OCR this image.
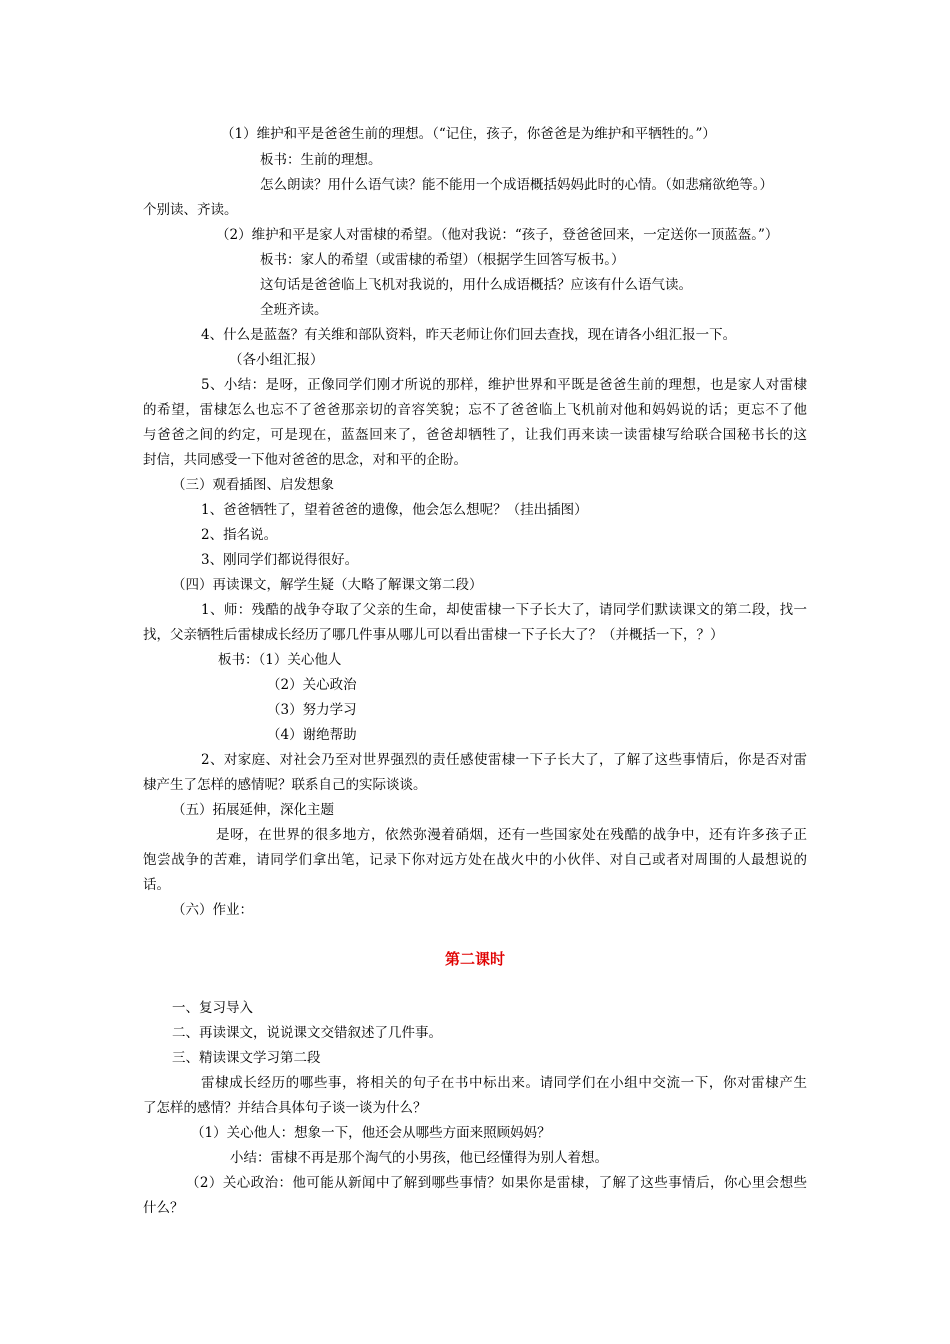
（1）维护和平是爸爸生前的理想。（“记住，孩子，你爸爸是为维护和平牺牲的。”）
板书：生前的理想。
怎么朗读？用什么语气读？能不能用一个成语概括妈妈此时的心情。（如悲痛欲绝等。）
个别读、齐读。
（2）维护和平是家人对雷棣的希望。（他对我说：“孩子，登爸爸回来，一定送你一顶蓝盔。”）
板书：家人的希望（或雷棣的希望）（根据学生回答写板书。）
这句话是爸爸临上飞机对我说的，用什么成语概括？应该有什么语气读。
全班齐读。
4、什么是蓝盔？有关维和部队资料，昨天老师让你们回去查找，现在请各小组汇报一下。
（各小组汇报）
5、小结：是呀，正像同学们刚才所说的那样，维护世界和平既是爸爸生前的理想，也是家人对雷棣
的希望，雷棣怎么也忘不了爸爸那亲切的音容笑貌；忘不了爸爸临上飞机前对他和妈妈说的话；更忘不了他
与爸爸之间的约定，可是现在，蓝盔回来了，爸爸却牺牲了，让我们再来读一读雷棣写给联合国秘书长的这
封信，共同感受一下他对爸爸的思念，对和平的企盼。
（三）观看插图、启发想象
1、爸爸牺牲了，望着爸爸的遗像，他会怎么想呢？（挂出插图）
2、指名说。
3、刚同学们都说得很好。
（四）再读课文，解学生疑（大略了解课文第二段）
1、师：残酷的战争夺取了父亲的生命，却使雷棣一下子长大了，请同学们默读课文的第二段，找一
找，父亲牺牲后雷棣成长经历了哪几件事从哪儿可以看出雷棣一下子长大了？（并概括一下，？）
板书：（1）关心他人
（2）关心政治
（3）努力学习
（4）谢绝帮助
2、对家庭、对社会乃至对世界强烈的责任感使雷棣一下子长大了，了解了这些事情后，你是否对雷
棣产生了怎样的感情呢？联系自己的实际谈谈。
（五）拓展延伸，深化主题
是呀，在世界的很多地方，依然弥漫着硝烟，还有一些国家处在残酷的战争中，还有许多孩子正
饱尝战争的苦难，请同学们拿出笔，记录下你对远方处在战火中的小伙伴、对自己或者对周围的人最想说的
话。
（六）作业：
第二课时
一、复习导入
二、再读课文，说说课文交错叙述了几件事。
三、精读课文学习第二段
雷棣成长经历的哪些事，将相关的句子在书中标出来。请同学们在小组中交流一下，你对雷棣产生
了怎样的感情？并结合具体句子谈一谈为什么？
（1）关心他人：想象一下，他还会从哪些方面来照顾妈妈？
小结：雷棣不再是那个淘气的小男孩，他已经懂得为别人着想。
（2）关心政治：他可能从新闻中了解到哪些事情？如果你是雷棣，了解了这些事情后，你心里会想些
什么？
